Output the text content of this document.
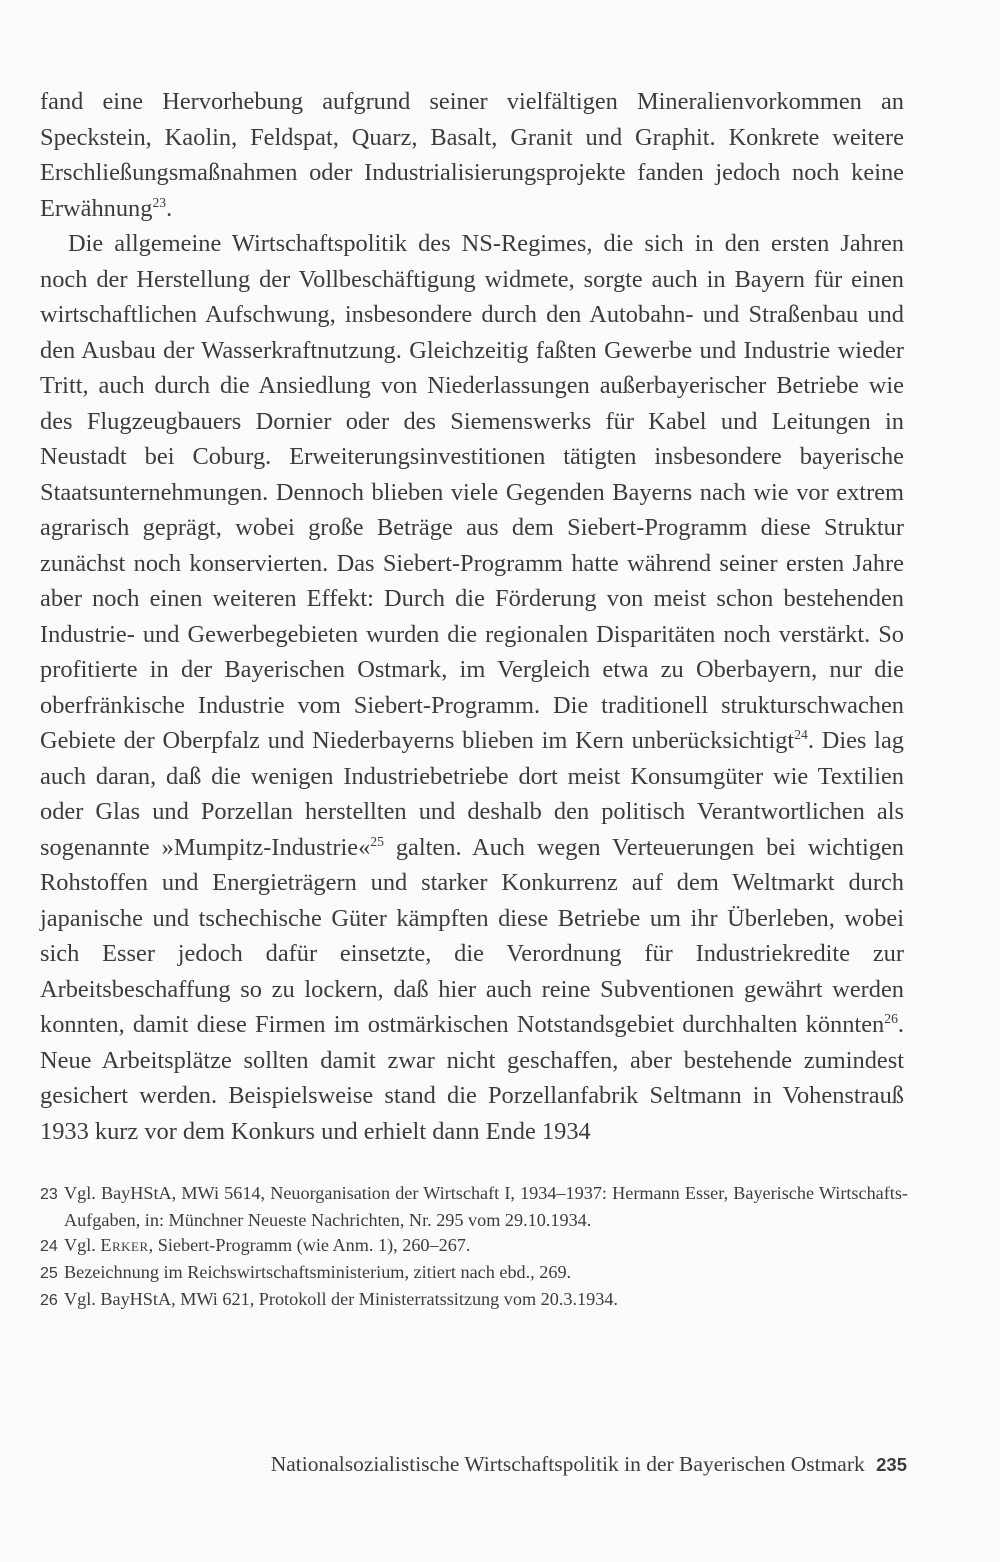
fand eine Hervorhebung aufgrund seiner vielfältigen Mineralienvorkommen an Speckstein, Kaolin, Feldspat, Quarz, Basalt, Granit und Graphit. Konkrete weitere Erschließungsmaßnahmen oder Industrialisierungsprojekte fanden jedoch noch keine Erwähnung$^{23}$.

Die allgemeine Wirtschaftspolitik des NS-Regimes, die sich in den ersten Jahren noch der Herstellung der Vollbeschäftigung widmete, sorgte auch in Bayern für einen wirtschaftlichen Aufschwung, insbesondere durch den Autobahn- und Straßenbau und den Ausbau der Wasserkraftnutzung. Gleichzeitig faßten Gewerbe und Industrie wieder Tritt, auch durch die Ansiedlung von Niederlassungen außerbayerischer Betriebe wie des Flugzeugbauers Dornier oder des Siemenswerks für Kabel und Leitungen in Neustadt bei Coburg. Erweiterungsinvestitionen tätigten insbesondere bayerische Staatsunternehmungen. Dennoch blieben viele Gegenden Bayerns nach wie vor extrem agrarisch geprägt, wobei große Beträge aus dem Siebert-Programm diese Struktur zunächst noch konservierten. Das Siebert-Programm hatte während seiner ersten Jahre aber noch einen weiteren Effekt: Durch die Förderung von meist schon bestehenden Industrie- und Gewerbegebieten wurden die regionalen Disparitäten noch verstärkt. So profitierte in der Bayerischen Ostmark, im Vergleich etwa zu Oberbayern, nur die oberfränkische Industrie vom Siebert-Programm. Die traditionell strukturschwachen Gebiete der Oberpfalz und Niederbayerns blieben im Kern unberücksichtigt$^{24}$. Dies lag auch daran, daß die wenigen Industriebetriebe dort meist Konsumgüter wie Textilien oder Glas und Porzellan herstellten und deshalb den politisch Verantwortlichen als sogenannte »Mumpitz-Industrie«$^{25}$ galten. Auch wegen Verteuerungen bei wichtigen Rohstoffen und Energieträgern und starker Konkurrenz auf dem Weltmarkt durch japanische und tschechische Güter kämpften diese Betriebe um ihr Überleben, wobei sich Esser jedoch dafür einsetzte, die Verordnung für Industriekredite zur Arbeitsbeschaffung so zu lockern, daß hier auch reine Subventionen gewährt werden konnten, damit diese Firmen im ostmärkischen Notstandsgebiet durchhalten könnten$^{26}$. Neue Arbeitsplätze sollten damit zwar nicht geschaffen, aber bestehende zumindest gesichert werden. Beispielsweise stand die Porzellanfabrik Seltmann in Vohenstrauß 1933 kurz vor dem Konkurs und erhielt dann Ende 1934

23 Vgl. BayHStA, MWi 5614, Neuorganisation der Wirtschaft I, 1934–1937: Hermann Esser, Bayerische Wirtschafts-Aufgaben, in: Münchner Neueste Nachrichten, Nr. 295 vom 29.10.1934.
24 Vgl. Erker, Siebert-Programm (wie Anm. 1), 260–267.
25 Bezeichnung im Reichswirtschaftsministerium, zitiert nach ebd., 269.
26 Vgl. BayHStA, MWi 621, Protokoll der Ministerratssitzung vom 20.3.1934.
Nationalsozialistische Wirtschaftspolitik in der Bayerischen Ostmark 235
